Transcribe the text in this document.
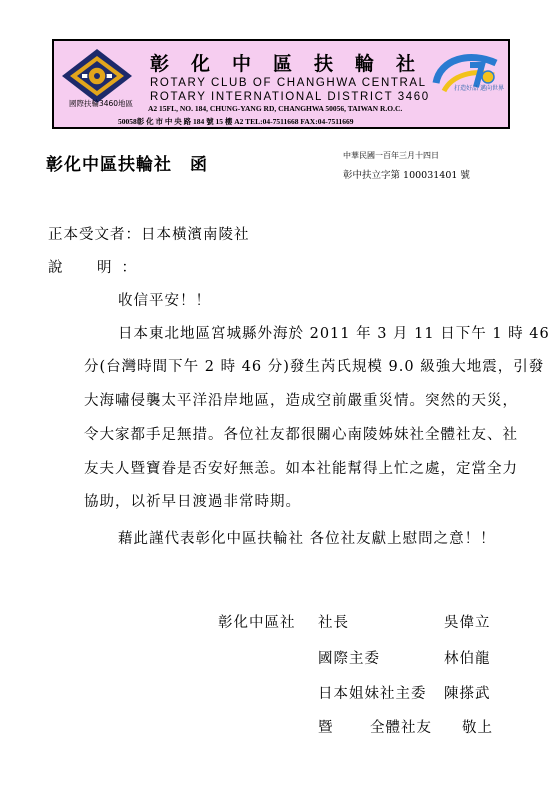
國際扶輪3460地區
彰化中區扶輪社
ROTARY CLUB OF CHANGHWA CENTRAL
ROTARY INTERNATIONAL DISTRICT 3460
A2 15FL, NO. 184, CHUNG-YANG RD, CHANGHWA 50056, TAIWAN R.O.C.
50058彰 化 市 中 央 路 184 號 15 樓 A2 TEL:04-7511668 FAX:04-7511669
打造好品 邁向世界
彰化中區扶輪社　函	中華民國一百年三月十四日
彰中扶立字第 100031401 號
正本受文者：日本橫濱南陵社
說　明：
收信平安！！
日本東北地區宮城縣外海於 2011 年 3 月 11 日下午 1 時 46
分(台灣時間下午 2 時 46 分)發生芮氏規模 9.0 級強大地震，引發
大海嘯侵襲太平洋沿岸地區，造成空前嚴重災情。突然的天災，
令大家都手足無措。各位社友都很關心南陵姊妹社全體社友、社
友夫人暨寶眷是否安好無恙。如本社能幫得上忙之處，定當全力
協助，以祈早日渡過非常時期。
藉此謹代表彰化中區扶輪社 各位社友獻上慰問之意！！
彰化中區社 社長	吳偉立
國際主委	林伯龍
日本姐妹社主委 陳搽武
暨	全體社友 敬上
